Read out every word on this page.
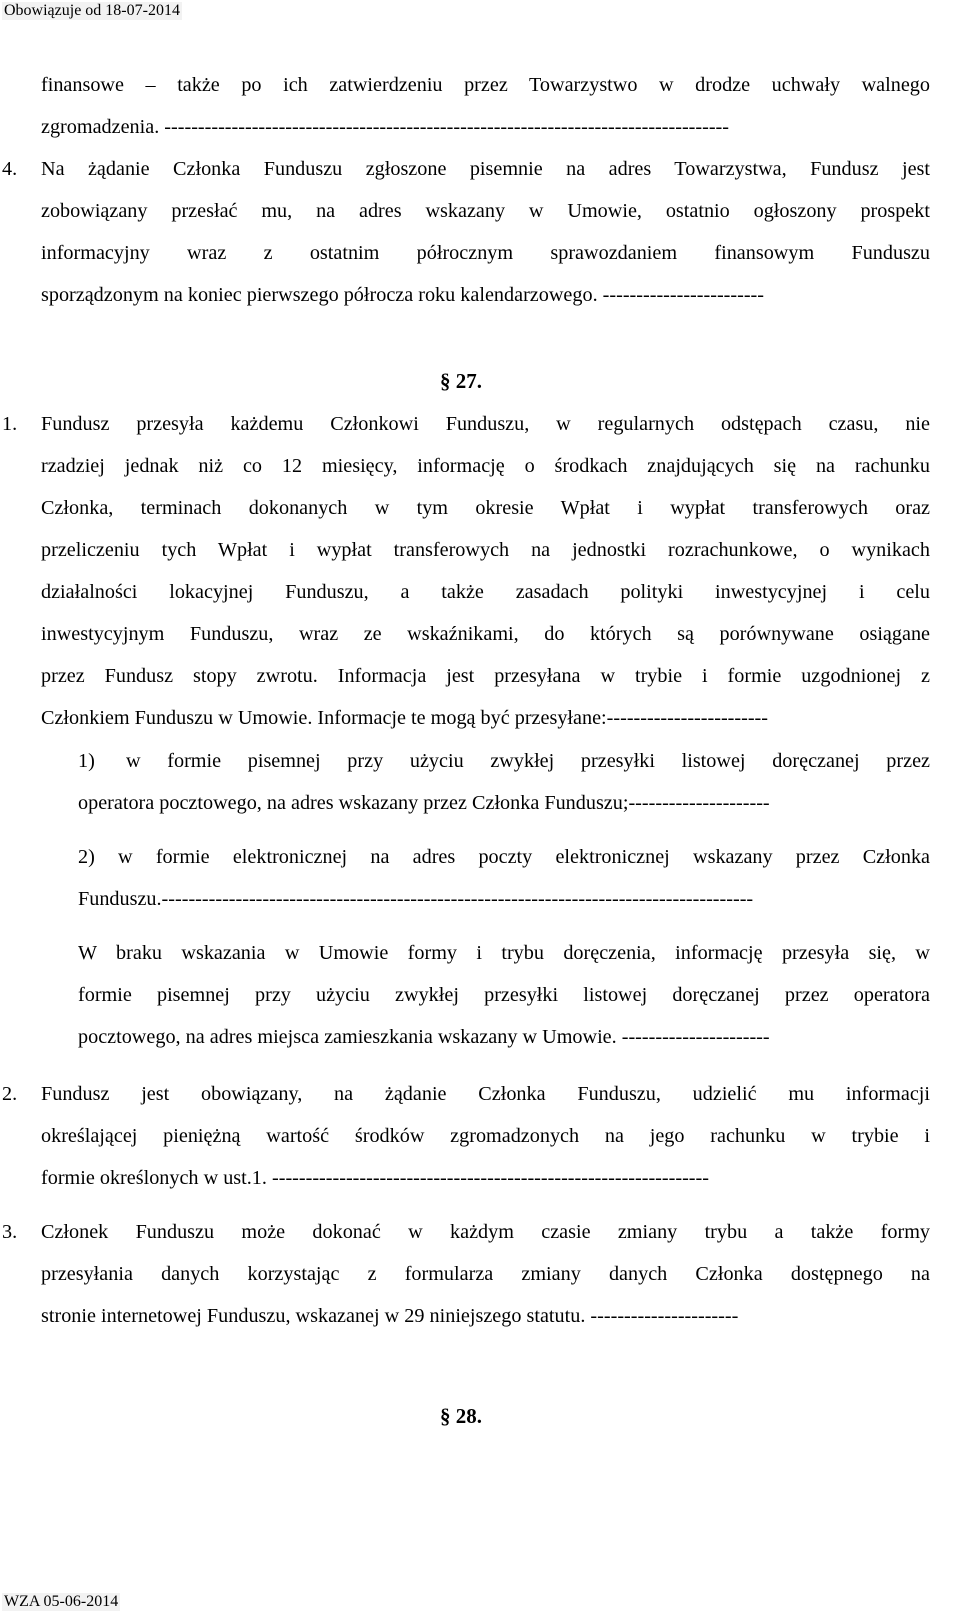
Obowiązuje od 18-07-2014
finansowe – także po ich zatwierdzeniu przez Towarzystwo w drodze uchwały walnego
zgromadzenia. ------------------------------------------------------------------------------------
4. Na żądanie Członka Funduszu zgłoszone pisemnie na adres Towarzystwa, Fundusz jest
zobowiązany przesłać mu, na adres wskazany w Umowie, ostatnio ogłoszony prospekt
informacyjny wraz z ostatnim półrocznym sprawozdaniem finansowym Funduszu
sporządzonym na koniec pierwszego półrocza roku kalendarzowego. ------------------------
§ 27.
1. Fundusz przesyła każdemu Członkowi Funduszu, w regularnych odstępach czasu, nie
rzadziej jednak niż co 12 miesięcy, informację o środkach znajdujących się na rachunku
Członka, terminach dokonanych w tym okresie Wpłat i wypłat transferowych oraz
przeliczeniu tych Wpłat i wypłat transferowych na jednostki rozrachunkowe, o wynikach
działalności lokacyjnej Funduszu, a także zasadach polityki inwestycyjnej i celu
inwestycyjnym Funduszu, wraz ze wskaźnikami, do których są porównywane osiągane
przez Fundusz stopy zwrotu. Informacja jest przesyłana w trybie i formie uzgodnionej z
Członkiem Funduszu w Umowie. Informacje te mogą być przesyłane:------------------------
1) w formie pisemnej przy użyciu zwykłej przesyłki listowej doręczanej przez
operatora pocztowego, na adres wskazany przez Członka Funduszu;---------------------
2) w formie elektronicznej na adres poczty elektronicznej wskazany przez Członka
Funduszu.----------------------------------------------------------------------------------------
W braku wskazania w Umowie formy i trybu doręczenia, informację przesyła się, w
formie pisemnej przy użyciu zwykłej przesyłki listowej doręczanej przez operatora
pocztowego, na adres miejsca zamieszkania wskazany w Umowie. ----------------------
2. Fundusz jest obowiązany, na żądanie Członka Funduszu, udzielić mu informacji
określającej pieniężną wartość środków zgromadzonych na jego rachunku w trybie i
formie określonych w ust.1. -----------------------------------------------------------------
3. Członek Funduszu może dokonać w każdym czasie zmiany trybu a także formy
przesyłania danych korzystając z formularza zmiany danych Członka dostępnego na
stronie internetowej Funduszu, wskazanej w 29 niniejszego statutu. ----------------------
§ 28.
WZA 05-06-2014
